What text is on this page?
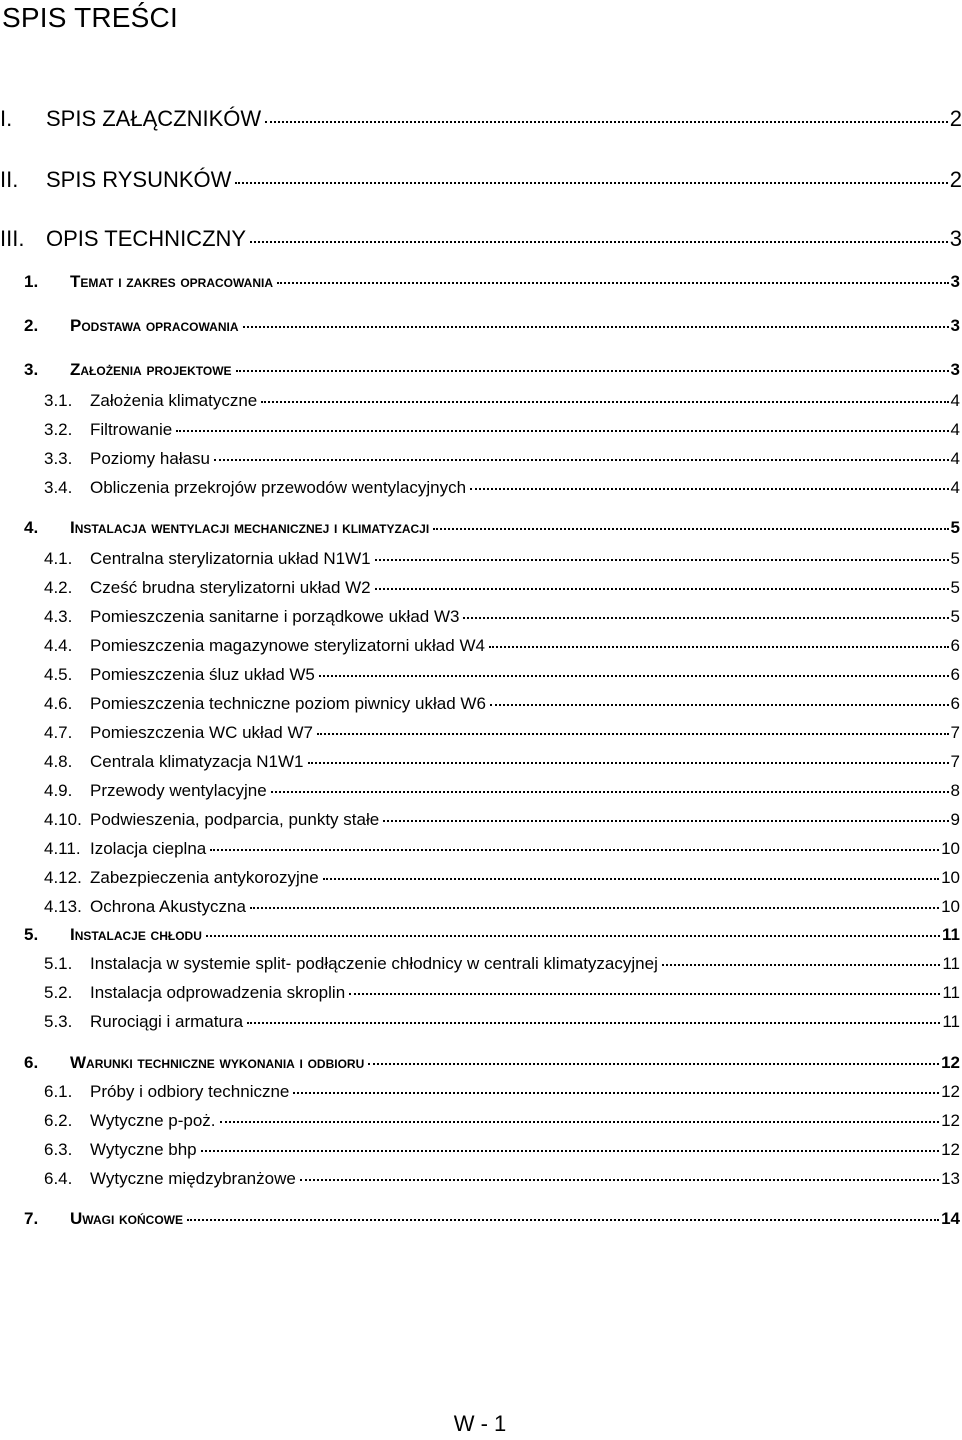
SPIS TREŚCI
I.	SPIS ZAŁĄCZNIKÓW	2
II.	SPIS RYSUNKÓW	2
III. OPIS TECHNICZNY	3
1.	Temat i zakres opracowania	3
2.	Podstawa opracowania	3
3.	Założenia projektowe	3
3.1.	Założenia klimatyczne	4
3.2.	Filtrowanie	4
3.3.	Poziomy hałasu	4
3.4.	Obliczenia przekrojów przewodów wentylacyjnych	4
4.	Instalacja wentylacji mechanicznej i klimatyzacji	5
4.1.	Centralna sterylizatornia układ N1W1	5
4.2.	Cześć brudna sterylizatorni układ W2	5
4.3.	Pomieszczenia sanitarne i porządkowe układ W3	5
4.4.	Pomieszczenia magazynowe sterylizatorni układ W4	6
4.5.	Pomieszczenia śluz układ W5	6
4.6.	Pomieszczenia techniczne poziom piwnicy układ W6	6
4.7.	Pomieszczenia WC układ W7	7
4.8.	Centrala klimatyzacja N1W1	7
4.9.	Przewody wentylacyjne	8
4.10. Podwieszenia, podparcia, punkty stałe	9
4.11. Izolacja cieplna	10
4.12. Zabezpieczenia antykorozyjne	10
4.13. Ochrona Akustyczna	10
5.	Instalacje chłodu	11
5.1.	Instalacja w systemie split- podłączenie chłodnicy w centrali klimatyzacyjnej	11
5.2.	Instalacja odprowadzenia skroplin	11
5.3.	Rurociągi i armatura	11
6.	Warunki techniczne wykonania i odbioru	12
6.1.	Próby i odbiory techniczne	12
6.2.	Wytyczne p-poż.	12
6.3.	Wytyczne bhp	12
6.4.	Wytyczne międzybranżowe	13
7.	Uwagi końcowe	14
W - 1
